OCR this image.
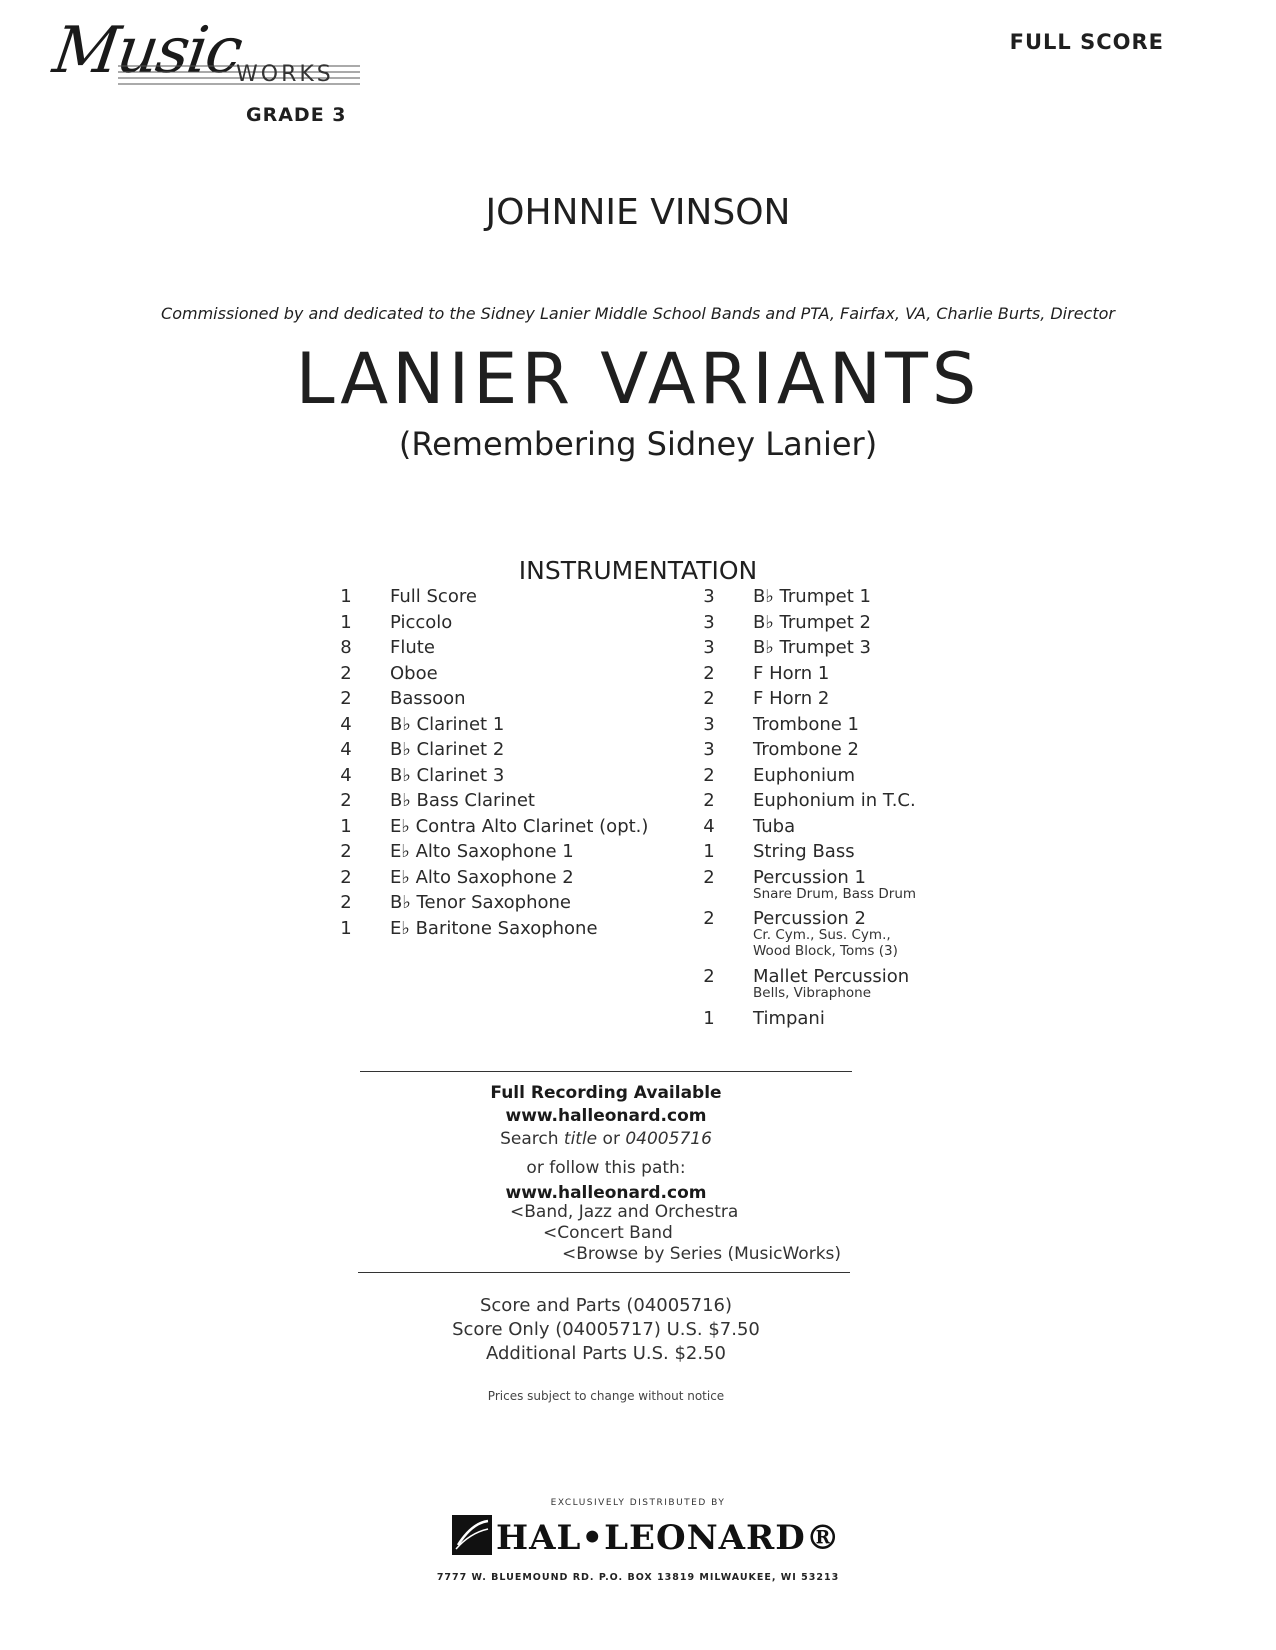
Music
WORKS
GRADE 3
FULL SCORE
JOHNNIE VINSON
Commissioned by and dedicated to the Sidney Lanier Middle School Bands and PTA, Fairfax, VA, Charlie Burts, Director
LANIER VARIANTS
(Remembering Sidney Lanier)
INSTRUMENTATION
1	Full Score
1	Piccolo
8	Flute
2	Oboe
2	Bassoon
4	B♭ Clarinet 1
4	B♭ Clarinet 2
4	B♭ Clarinet 3
2	B♭ Bass Clarinet
1	E♭ Contra Alto Clarinet (opt.)
2	E♭ Alto Saxophone 1
2	E♭ Alto Saxophone 2
2	B♭ Tenor Saxophone
1	E♭ Baritone Saxophone
3	B♭ Trumpet 1
3	B♭ Trumpet 2
3	B♭ Trumpet 3
2	F Horn 1
2	F Horn 2
3	Trombone 1
3	Trombone 2
2	Euphonium
2	Euphonium in T.C.
4	Tuba
1	String Bass
2	Percussion 1
Snare Drum, Bass Drum
2	Percussion 2
Cr. Cym., Sus. Cym.,
Wood Block, Toms (3)
2	Mallet Percussion
Bells, Vibraphone
1	Timpani
Full Recording Available
www.halleonard.com
Search title or 04005716
or follow this path:
www.halleonard.com
<Band, Jazz and Orchestra
<Concert Band
<Browse by Series (MusicWorks)
Score and Parts (04005716)
Score Only (04005717) U.S. $7.50
Additional Parts U.S. $2.50
Prices subject to change without notice
EXCLUSIVELY DISTRIBUTED BY
HAL•LEONARD®
7777 W. BLUEMOUND RD. P.O. BOX 13819 MILWAUKEE, WI 53213
